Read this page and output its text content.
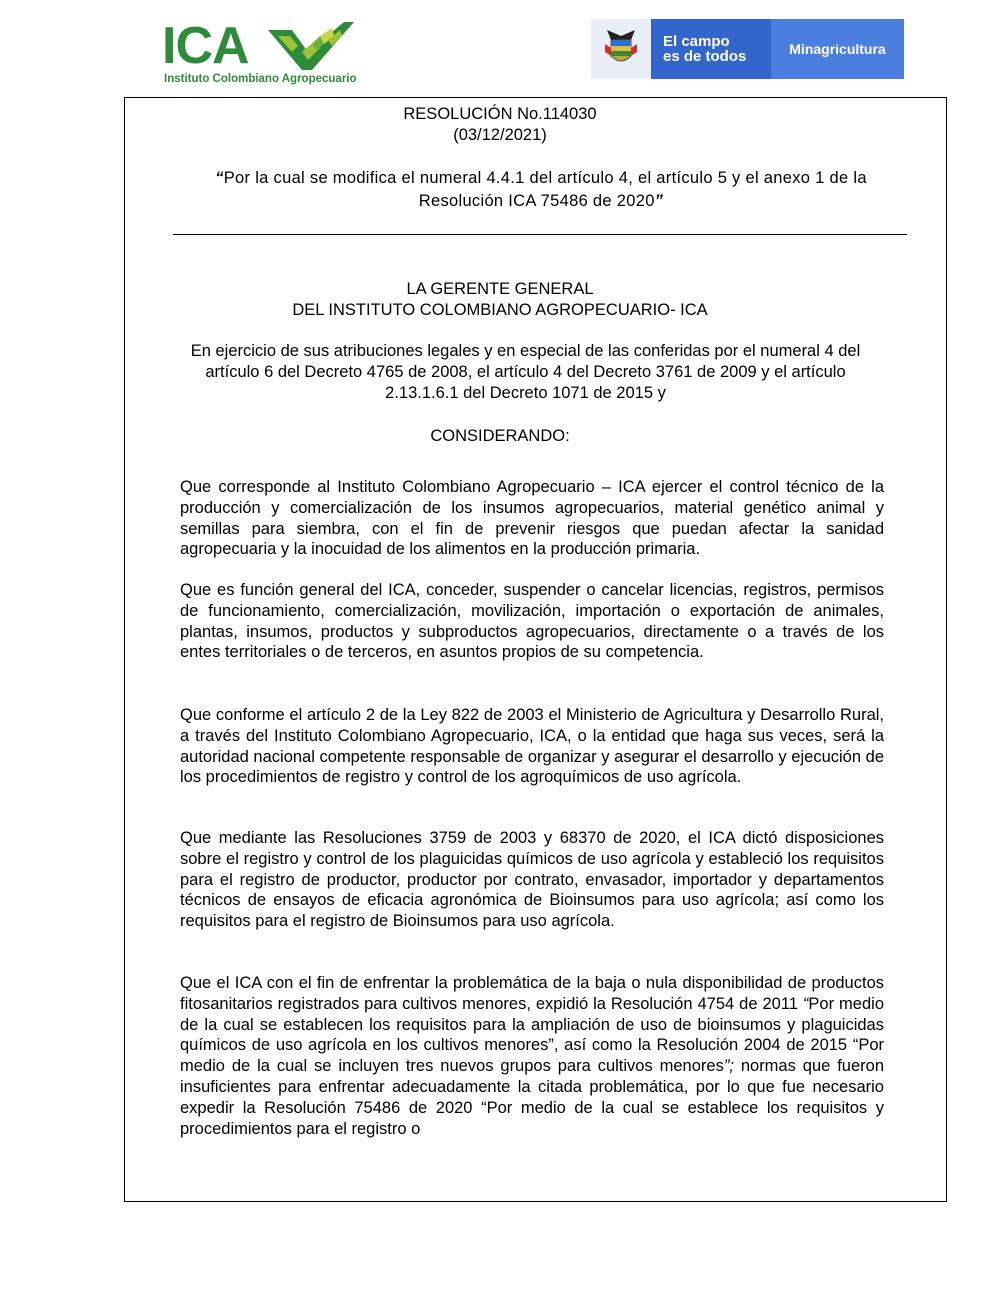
ICA
Instituto Colombiano Agropecuario
El campo
es de todos	Minagricultura
RESOLUCIÓN No.114030
(03/12/2021)
“Por la cual se modifica el numeral 4.4.1 del artículo 4, el artículo 5 y el anexo 1 de la Resolución ICA 75486 de 2020”
LA GERENTE GENERAL
DEL INSTITUTO COLOMBIANO AGROPECUARIO- ICA
En ejercicio de sus atribuciones legales y en especial de las conferidas por el numeral 4 del artículo 6 del Decreto 4765 de 2008, el artículo 4 del Decreto 3761 de 2009 y el artículo 2.13.1.6.1 del Decreto 1071 de 2015 y
CONSIDERANDO:
Que corresponde al Instituto Colombiano Agropecuario – ICA ejercer el control técnico de la producción y comercialización de los insumos agropecuarios, material genético animal y semillas para siembra, con el fin de prevenir riesgos que puedan afectar la sanidad agropecuaria y la inocuidad de los alimentos en la producción primaria.
Que es función general del ICA, conceder, suspender o cancelar licencias, registros, permisos de funcionamiento, comercialización, movilización, importación o exportación de animales, plantas, insumos, productos y subproductos agropecuarios, directamente o a través de los entes territoriales o de terceros, en asuntos propios de su competencia.
Que conforme el artículo 2 de la Ley 822 de 2003 el Ministerio de Agricultura y Desarrollo Rural, a través del Instituto Colombiano Agropecuario, ICA, o la entidad que haga sus veces, será la autoridad nacional competente responsable de organizar y asegurar el desarrollo y ejecución de los procedimientos de registro y control de los agroquímicos de uso agrícola.
Que mediante las Resoluciones 3759 de 2003 y 68370 de 2020, el ICA dictó disposiciones sobre el registro y control de los plaguicidas químicos de uso agrícola y estableció los requisitos para el registro de productor, productor por contrato, envasador, importador y departamentos técnicos de ensayos de eficacia agronómica de Bioinsumos para uso agrícola; así como los requisitos para el registro de Bioinsumos para uso agrícola.
Que el ICA con el fin de enfrentar la problemática de la baja o nula disponibilidad de productos fitosanitarios registrados para cultivos menores, expidió la Resolución 4754 de 2011 “Por medio de la cual se establecen los requisitos para la ampliación de uso de bioinsumos y plaguicidas químicos de uso agrícola en los cultivos menores”, así como la Resolución 2004 de 2015 “Por medio de la cual se incluyen tres nuevos grupos para cultivos menores”; normas que fueron insuficientes para enfrentar adecuadamente la citada problemática, por lo que fue necesario expedir la Resolución 75486 de 2020 “Por medio de la cual se establece los requisitos y procedimientos para el registro o
